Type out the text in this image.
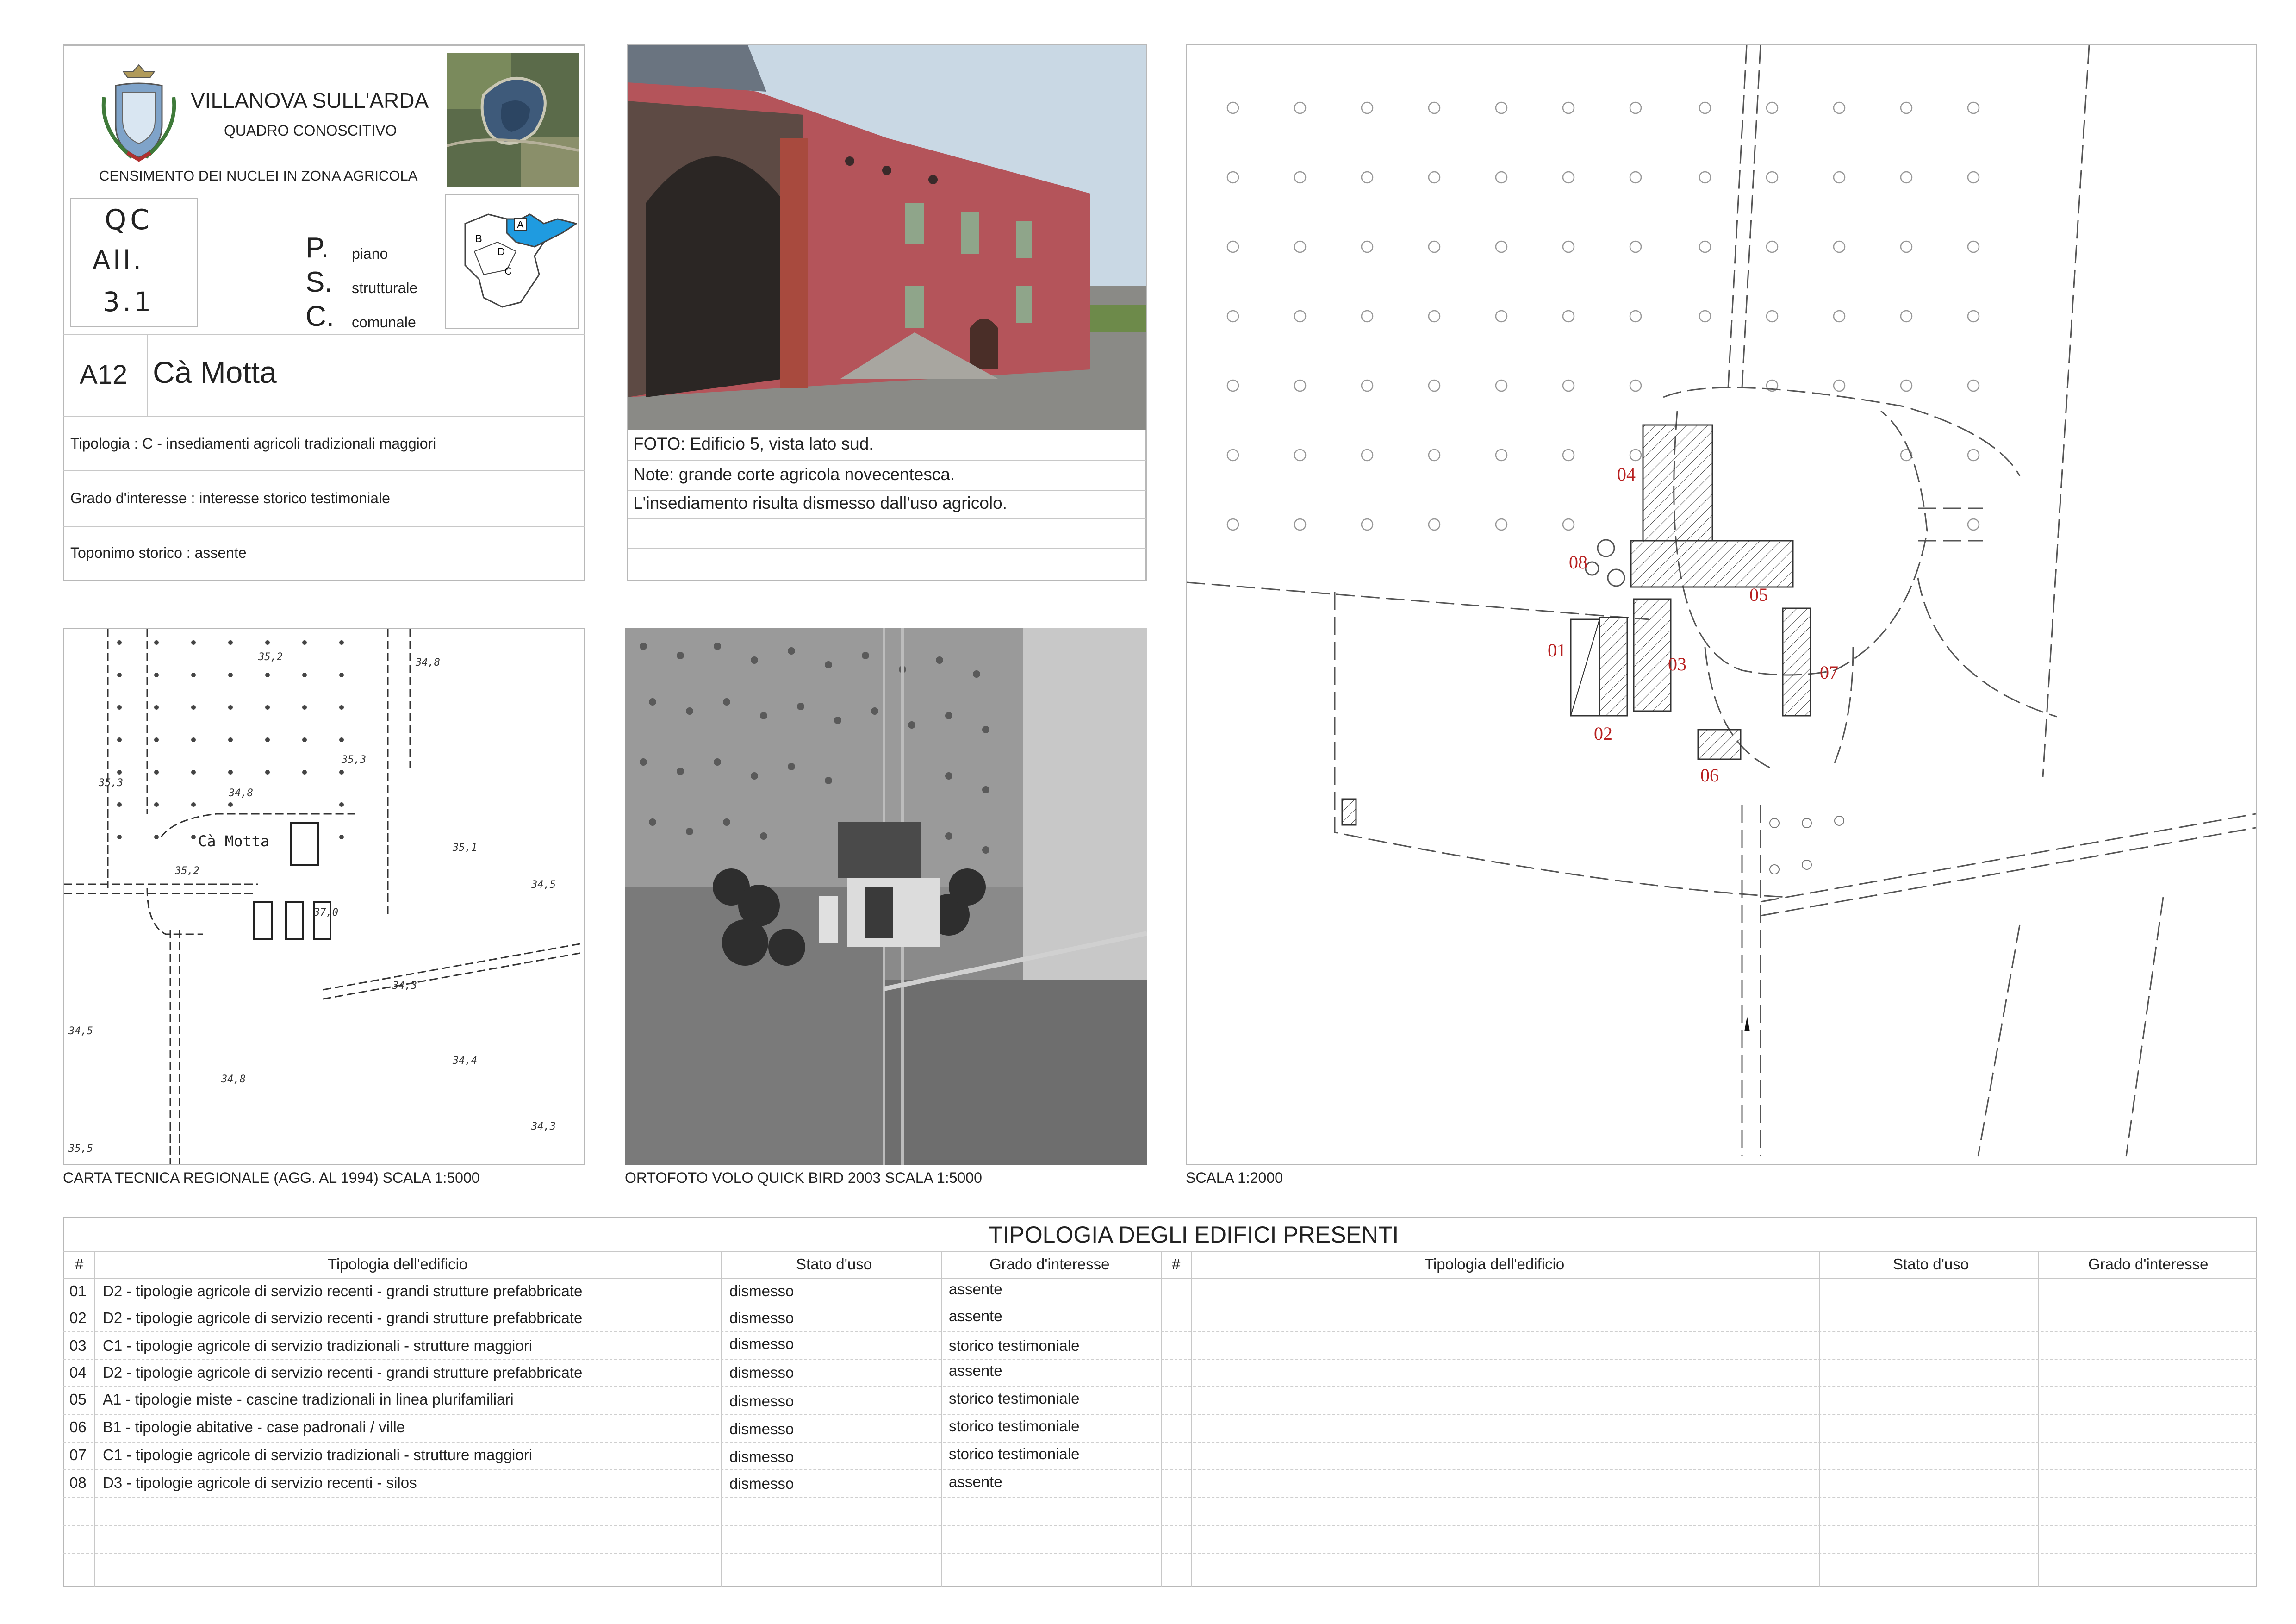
VILLANOVA SULL'ARDA
QUADRO CONOSCITIVO
CENSIMENTO DEI NUCLEI IN ZONA AGRICOLA
QC
All.
3.1
P. piano
S. strutturale
C. comunale
A
B
C
D
A12 Cà Motta
Tipologia : C - insediamenti agricoli tradizionali maggiori
Grado d'interesse : interesse storico testimoniale
Toponimo storico : assente
FOTO: Edificio 5, vista lato sud.
Note: grande corte agricola novecentesca.
L'insediamento risulta dismesso dall'uso agricolo.
35,2
34,8
35,3
34,8
35,3
35,2
35,1
37,0
34,5
34,3
34,5
34,4
34,8
34,3
35,5
Cà Motta
CARTA TECNICA REGIONALE (AGG. AL 1994) SCALA 1:5000	ORTOFOTO VOLO QUICK BIRD 2003 SCALA 1:5000
01
02
03
04
05
06
07
08
SCALA 1:2000
TIPOLOGIA DEGLI EDIFICI PRESENTI
#	Tipologia dell'edificio	Stato d'uso	Grado d'interesse	#	Tipologia dell'edificio	Stato d'uso	Grado d'interesse
01 D2 - tipologie agricole di servizio recenti - grandi strutture prefabbricate	dismesso	assente
02 D2 - tipologie agricole di servizio recenti - grandi strutture prefabbricate	dismesso	assente
03 C1 - tipologie agricole di servizio tradizionali - strutture maggiori	dismesso	storico testimoniale
04 D2 - tipologie agricole di servizio recenti - grandi strutture prefabbricate	dismesso	assente
05 A1 - tipologie miste - cascine tradizionali in linea plurifamiliari	dismesso	storico testimoniale
06 B1 - tipologie abitative - case padronali / ville	dismesso	storico testimoniale
07 C1 - tipologie agricole di servizio tradizionali - strutture maggiori	dismesso	storico testimoniale
08 D3 - tipologie agricole di servizio recenti - silos	dismesso	assente
